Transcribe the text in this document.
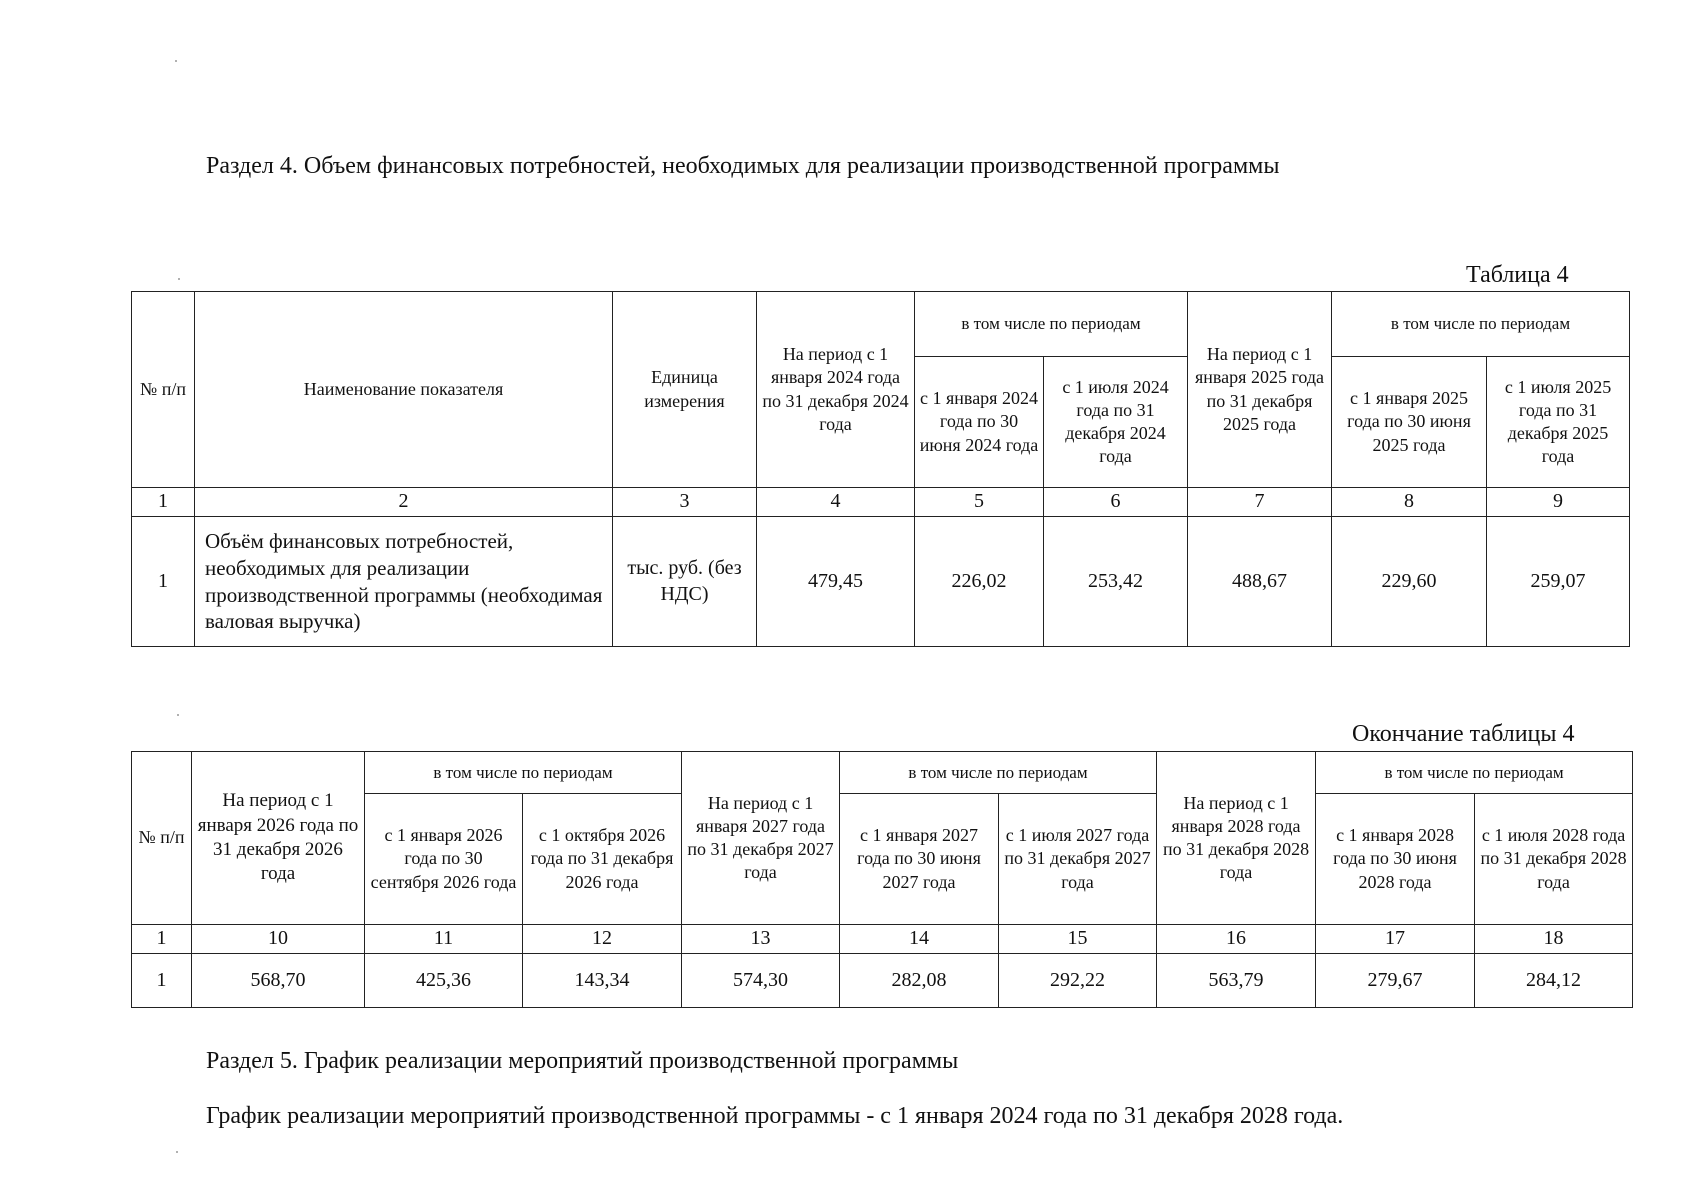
Раздел 4. Объем финансовых потребностей, необходимых для реализации производственной программы
Таблица 4
№ п/п	Наименование показателя	Единица измерения	На период с 1 января 2024 года по 31 декабря 2024 года	в том числе по периодам		На период с 1 января 2025 года по 31 декабря 2025 года	в том числе по периодам	
				с 1 января 2024 года по 30 июня 2024 года	с 1 июля 2024 года по 31 декабря 2024 года		с 1 января 2025 года по 30 июня 2025 года	с 1 июля 2025 года по 31 декабря 2025 года
1	2	3	4	5	6	7	8	9
1	Объём финансовых потребностей, необходимых для реализации производственной программы (необходимая валовая выручка)	тыс. руб. (без НДС)	479,45	226,02	253,42	488,67	229,60	259,07
Окончание таблицы 4
№ п/п	На период с 1 января 2026 года по 31 декабря 2026 года	в том числе по периодам		На период с 1 января 2027 года по 31 декабря 2027 года	в том числе по периодам		На период с 1 января 2028 года по 31 декабря 2028 года	в том числе по периодам	
		с 1 января 2026 года по 30 сентября 2026 года	с 1 октября 2026 года по 31 декабря 2026 года		с 1 января 2027 года по 30 июня 2027 года	с 1 июля 2027 года по 31 декабря 2027 года		с 1 января 2028 года по 30 июня 2028 года	с 1 июля 2028 года по 31 декабря 2028 года
1	10	11	12	13	14	15	16	17	18
1	568,70	425,36	143,34	574,30	282,08	292,22	563,79	279,67	284,12
Раздел 5. График реализации мероприятий производственной программы
График реализации мероприятий производственной программы - с 1 января 2024 года по 31 декабря 2028 года.
